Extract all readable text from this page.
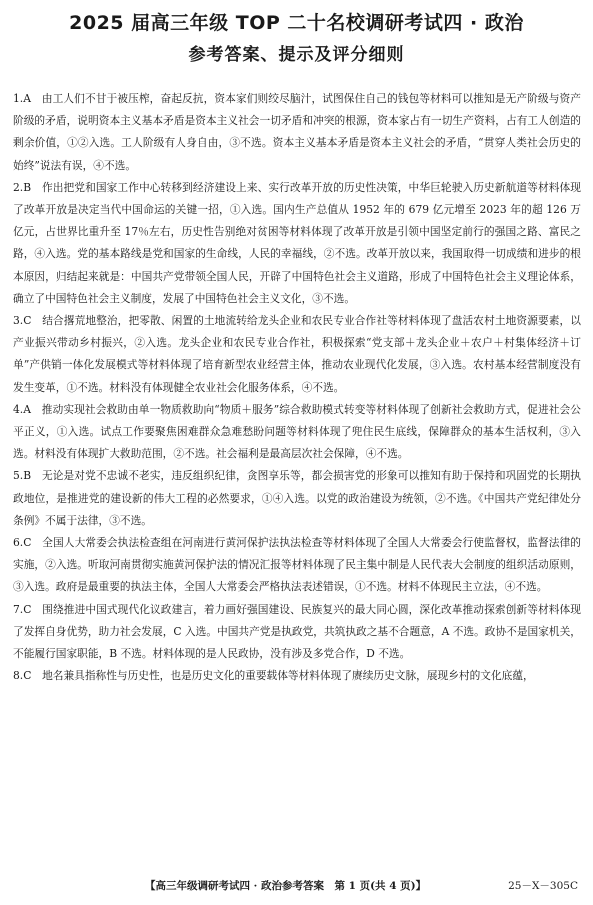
2025 届高三年级 TOP 二十名校调研考试四 · 政治
参考答案、提示及评分细则

1.A　 由工人们不甘于被压榨，奋起反抗，资本家们则绞尽脑汁，试图保住自己的钱包等材料可以推知是无产阶级与资产阶级的矛盾，说明资本主义基本矛盾是资本主义社会一切矛盾和冲突的根源，资本家占有一切生产资料，占有工人创造的剩余价值，①②入选。工人阶级有人身自由，③不选。资本主义基本矛盾是资本主义社会的矛盾，“贯穿人类社会历史的始终”说法有误，④不选。

2.B　 作出把党和国家工作中心转移到经济建设上来、实行改革开放的历史性决策，中华巨轮驶入历史新航道等材料体现了改革开放是决定当代中国命运的关键一招，①入选。国内生产总值从 1952 年的 679 亿元增至 2023 年的超 126 万亿元，占世界比重升至 17％左右，历史性告别绝对贫困等材料体现了改革开放是引领中国坚定前行的强国之路、富民之路，④入选。党的基本路线是党和国家的生命线，人民的幸福线，②不选。改革开放以来，我国取得一切成绩和进步的根本原因，归结起来就是：中国共产党带领全国人民，开辟了中国特色社会主义道路，形成了中国特色社会主义理论体系，确立了中国特色社会主义制度，发展了中国特色社会主义文化，③不选。

3.C　 结合撂荒地整治，把零散、闲置的土地流转给龙头企业和农民专业合作社等材料体现了盘活农村土地资源要素，以产业振兴带动乡村振兴，②入选。龙头企业和农民专业合作社，积极探索“党支部＋龙头企业＋农户＋村集体经济＋订单”产供销一体化发展模式等材料体现了培育新型农业经营主体，推动农业现代化发展，③入选。农村基本经营制度没有发生变革，①不选。材料没有体现健全农业社会化服务体系，④不选。

4.A　 推动实现社会救助由单一物质救助向“物质＋服务”综合救助模式转变等材料体现了创新社会救助方式，促进社会公平正义，①入选。试点工作要聚焦困难群众急难愁盼问题等材料体现了兜住民生底线，保障群众的基本生活权利，③入选。材料没有体现扩大救助范围，②不选。社会福利是最高层次社会保障，④不选。

5.B　 无论是对党不忠诚不老实，违反组织纪律，贪图享乐等，都会损害党的形象可以推知有助于保持和巩固党的长期执政地位，是推进党的建设新的伟大工程的必然要求，①④入选。以党的政治建设为统领，②不选。《中国共产党纪律处分条例》不属于法律，③不选。

6.C　 全国人大常委会执法检查组在河南进行黄河保护法执法检查等材料体现了全国人大常委会行使监督权，监督法律的实施，②入选。听取河南贯彻实施黄河保护法的情况汇报等材料体现了民主集中制是人民代表大会制度的组织活动原则，③入选。政府是最重要的执法主体，全国人大常委会严格执法表述错误，①不选。材料不体现民主立法，④不选。

7.C　 围绕推进中国式现代化议政建言，着力画好强国建设、民族复兴的最大同心圆，深化改革推动探索创新等材料体现了发挥自身优势，助力社会发展，C 入选。中国共产党是执政党，共筑执政之基不合题意，A 不选。政协不是国家机关，不能履行国家职能，B 不选。材料体现的是人民政协，没有涉及多党合作，D 不选。

8.C　 地名兼具指称性与历史性，也是历史文化的重要载体等材料体现了赓续历史文脉，展现乡村的文化底蕴，

【高三年级调研考试四 · 政治参考答案　第 1 页(共 4 页)】	25－X－305C
